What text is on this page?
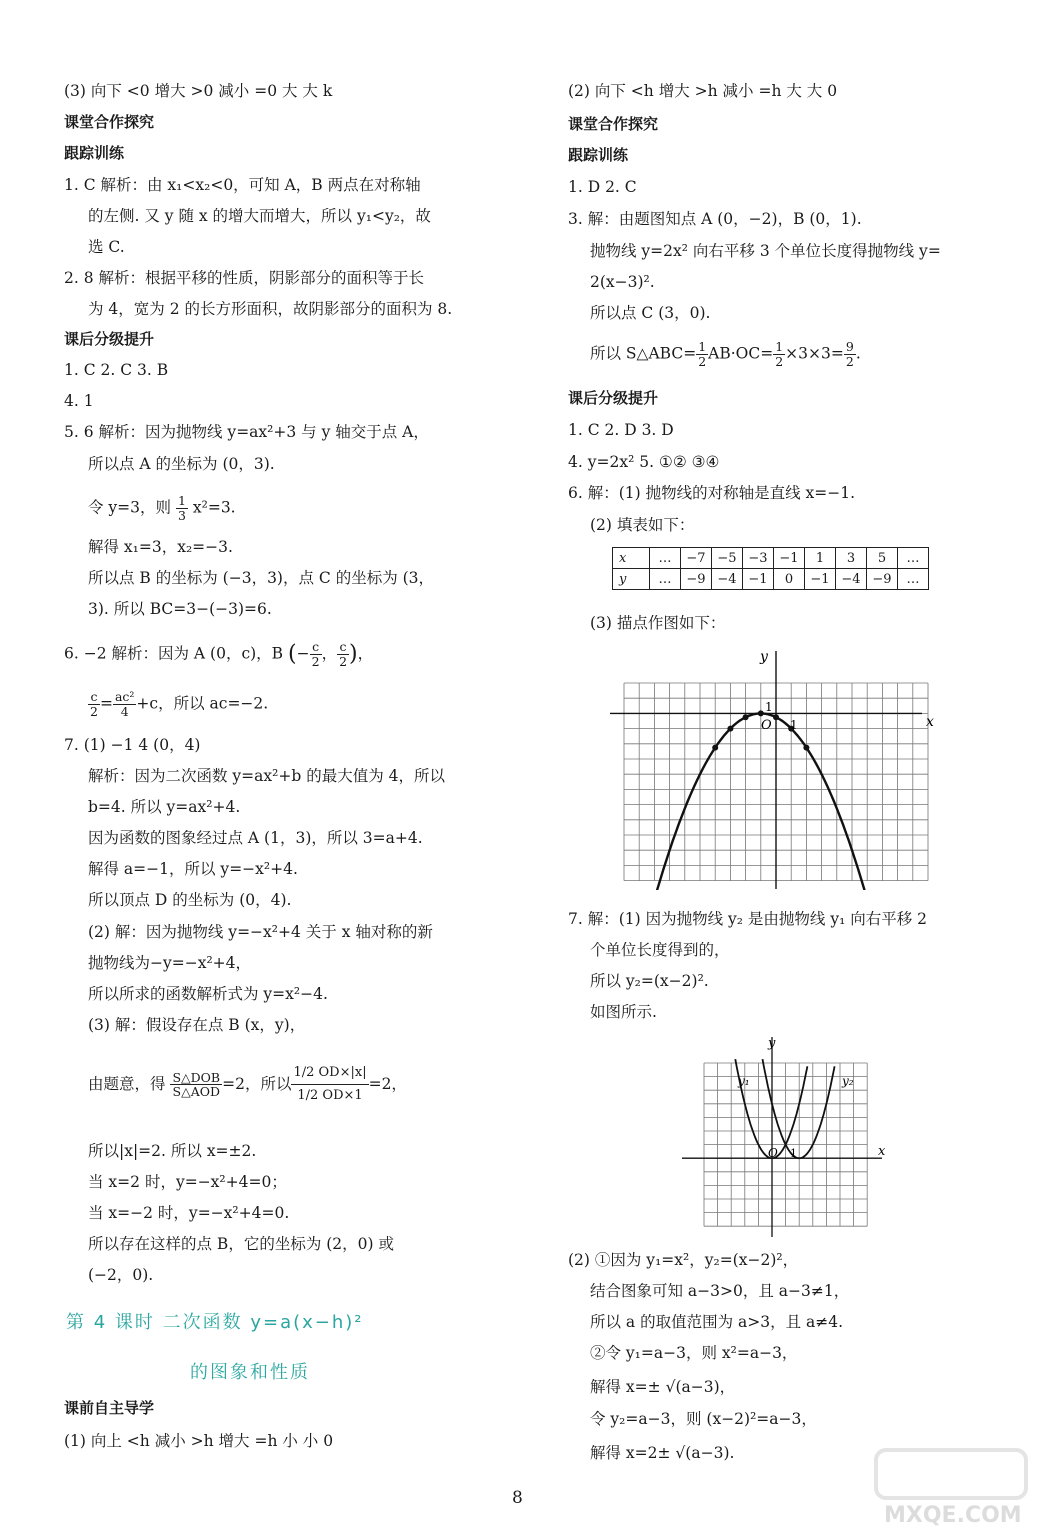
(3) 向下 <0 增大 >0 减小 =0 大 大 k
课堂合作探究
跟踪训练
1. C 解析：由 x₁<x₂<0，可知 A，B 两点在对称轴
的左侧. 又 y 随 x 的增大而增大，所以 y₁<y₂，故
选 C.
2. 8 解析：根据平移的性质，阴影部分的面积等于长
为 4，宽为 2 的长方形面积，故阴影部分的面积为 8.
课后分级提升
1. C 2. C 3. B
4. 1
5. 6 解析：因为抛物线 y=ax²+3 与 y 轴交于点 A，
所以点 A 的坐标为 (0，3).
令 y=3，则 $\frac{1}{3} x^2=3$.
解得 x₁=3，x₂=−3.
所以点 B 的坐标为 (−3，3)，点 C 的坐标为 (3，
3). 所以 BC=3−(−3)=6.
6. −2 解析：因为 A (0，c)，B (− $\frac{c}{2}$ ， $\frac{c}{2}$ )，
$\frac{c}{2} = \frac{\text{ac²}}{4} +c$，所以 ac=−2.
7. (1) −1 4 (0，4)
解析：因为二次函数 y=ax²+b 的最大值为 4，所以
b=4. 所以 y=ax²+4.
因为函数的图象经过点 A (1，3)，所以 3=a+4.
解得 a=−1，所以 y=−x²+4.
所以顶点 D 的坐标为 (0，4).
(2) 解：因为抛物线 y=−x²+4 关于 x 轴对称的新
抛物线为−y=−x²+4，
所以所求的函数解析式为 y=x²−4.
(3) 解：假设存在点 B (x，y)，
由题意，得 $\frac{\text{S△DOB}}{\text{S△AOD}} =2$，所以 $\frac{1/2 OD\times|x|}{1/2 OD\times 1} =2$，
所以|x|=2. 所以 x=±2.
当 x=2 时，y=−x²+4=0；
当 x=−2 时，y=−x²+4=0.
所以存在这样的点 B，它的坐标为 (2，0) 或
(−2，0).
第 4 课时 二次函数 y=a(x−h)²
的图象和性质
课前自主导学
(1) 向上 <h 减小 >h 增大 =h 小 小 0
(2) 向下 <h 增大 >h 减小 =h 大 大 0
课堂合作探究
跟踪训练
1. D 2. C
3. 解：由题图知点 A (0，−2)，B (0，1).
抛物线 y=2x² 向右平移 3 个单位长度得抛物线 y=
2(x−3)².
所以点 C (3，0).
所以 S△ABC= $\frac{1}{2} AB\cdot OC= \frac{1}{2} \times 3\times 3= \frac{9}{2}$ .
课后分级提升
1. C 2. D 3. D
4. y=2x² 5. ①② ③④
6. 解：(1) 抛物线的对称轴是直线 x=−1.
(2) 填表如下：
x	…	−7	−5	−3	−1	1	3	5	…
y	…	−9	−4	−1	0	−1	−4	−9	…
(3) 描点作图如下：
y
x
O 1
1
7. 解：(1) 因为抛物线 y₂ 是由抛物线 y₁ 向右平移 2
个单位长度得到的，
所以 y₂=(x−2)².
如图所示.
y
x
O 1
y₁	y₂
(2) ①因为 y₁=x²，y₂=(x−2)²，
结合图象可知 a−3>0，且 a−3≠1，
所以 a 的取值范围为 a>3，且 a≠4.
②令 y₁=a−3，则 x²=a−3，
解得 x=± √(a−3)，
令 y₂=a−3，则 (x−2)²=a−3，
解得 x=2± √(a−3).
8
MXQE.COM
